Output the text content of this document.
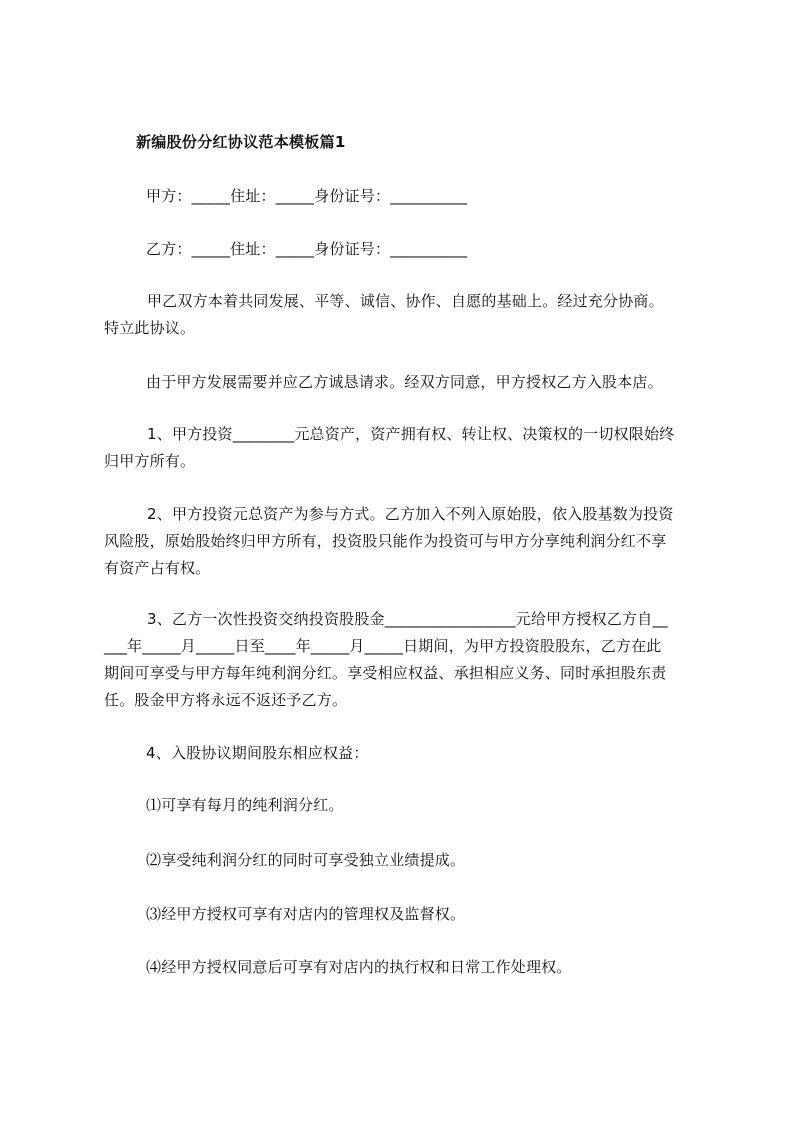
新编股份分红协议范本模板篇1
甲方：_____住址：_____身份证号：__________
乙方：_____住址：_____身份证号：__________
甲乙双方本着共同发展、平等、诚信、协作、自愿的基础上。经过充分协商。
特立此协议。
由于甲方发展需要并应乙方诚恳请求。经双方同意，甲方授权乙方入股本店。
1、甲方投资________元总资产，资产拥有权、转让权、决策权的一切权限始终
归甲方所有。
2、甲方投资元总资产为参与方式。乙方加入不列入原始股，依入股基数为投资
风险股，原始股始终归甲方所有，投资股只能作为投资可与甲方分享纯利润分红不享
有资产占有权。
3、乙方一次性投资交纳投资股股金_________________元给甲方授权乙方自__
___年_____月_____日至____年_____月_____日期间，为甲方投资股股东，乙方在此
期间可享受与甲方每年纯利润分红。享受相应权益、承担相应义务、同时承担股东责
任。股金甲方将永远不返还予乙方。
4、入股协议期间股东相应权益：
⑴可享有每月的纯利润分红。
⑵享受纯利润分红的同时可享受独立业绩提成。
⑶经甲方授权可享有对店内的管理权及监督权。
⑷经甲方授权同意后可享有对店内的执行权和日常工作处理权。
